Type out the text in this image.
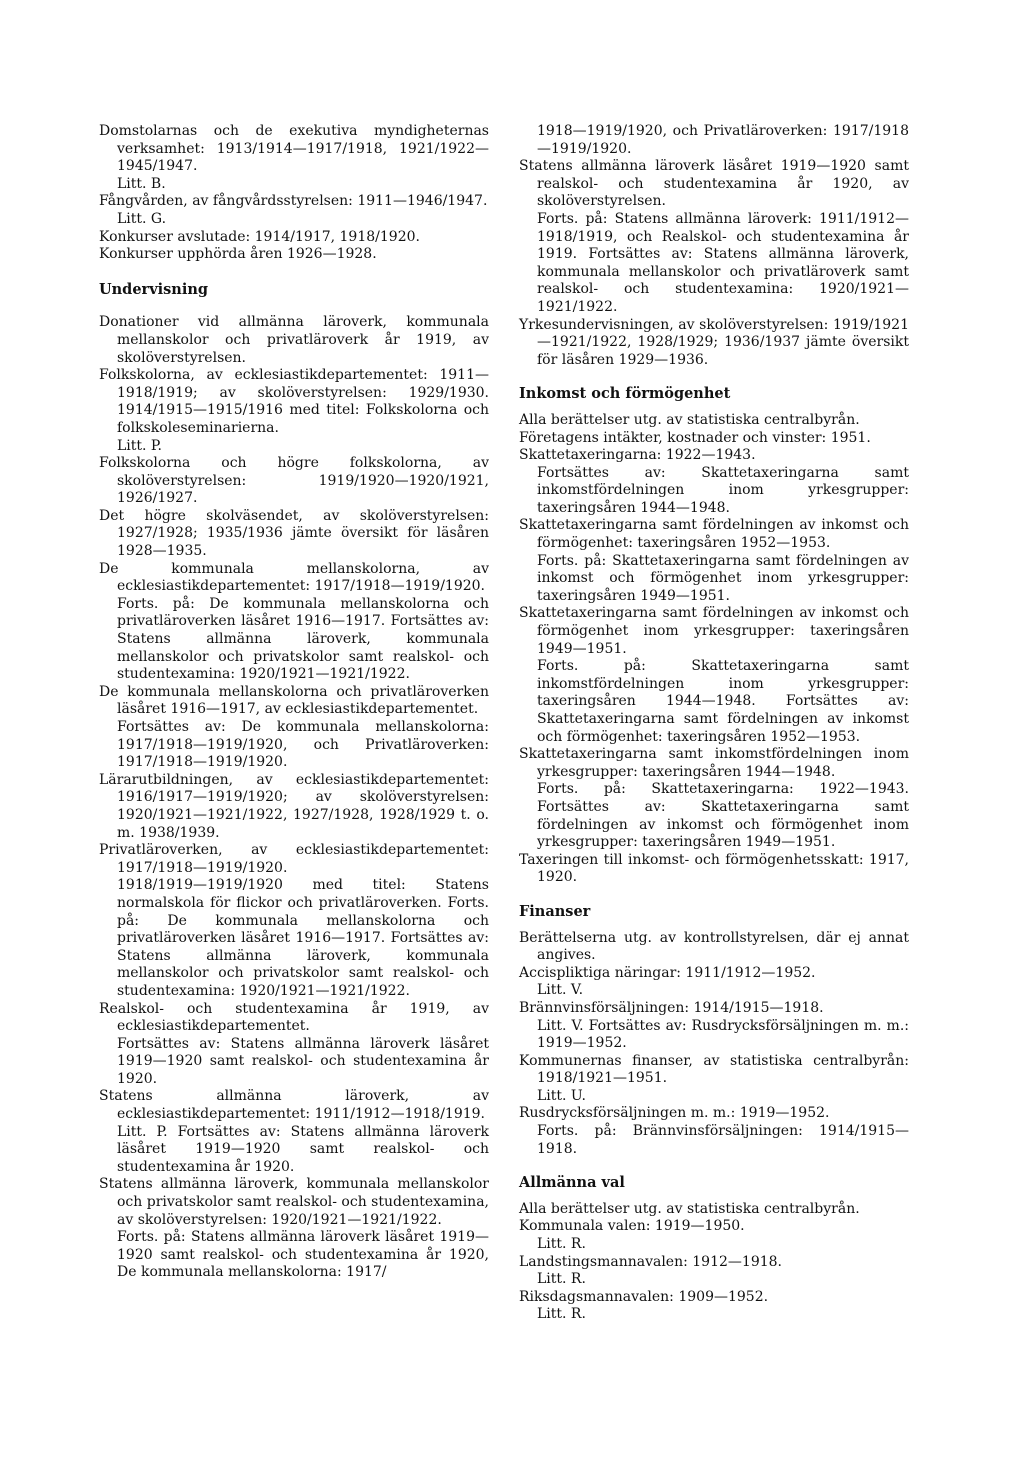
Domstolarnas och de exekutiva myndigheternas verksamhet: 1913/1914—1917/1918, 1921/1922—1945/1947.

Litt. B.

Fångvården, av fångvårdsstyrelsen: 1911—1946/1947.

Litt. G.

Konkurser avslutade: 1914/1917, 1918/1920.

Konkurser upphörda åren 1926—1928.

Undervisning

Donationer vid allmänna läroverk, kommunala mellanskolor och privatläroverk år 1919, av skolöverstyrelsen.

Folkskolorna, av ecklesiastikdepartementet: 1911—1918/1919; av skolöverstyrelsen: 1929/1930. 1914/1915—1915/1916 med titel: Folkskolorna och folkskoleseminarierna.

Litt. P.

Folkskolorna och högre folkskolorna, av skolöverstyrelsen: 1919/1920—1920/1921, 1926/1927.

Det högre skolväsendet, av skolöverstyrelsen: 1927/1928; 1935/1936 jämte översikt för läsåren 1928—1935.

De kommunala mellanskolorna, av ecklesiastikdepartementet: 1917/1918—1919/1920.

Forts. på: De kommunala mellanskolorna och privatläroverken läsåret 1916—1917. Fortsättes av: Statens allmänna läroverk, kommunala mellanskolor och privatskolor samt realskol- och studentexamina: 1920/1921—1921/1922.

De kommunala mellanskolorna och privatläroverken läsåret 1916—1917, av ecklesiastikdepartementet.

Fortsättes av: De kommunala mellanskolorna: 1917/1918—1919/1920, och Privatläroverken: 1917/1918—1919/1920.

Lärarutbildningen, av ecklesiastikdepartementet: 1916/1917—1919/1920; av skolöverstyrelsen: 1920/1921—1921/1922, 1927/1928, 1928/1929 t. o. m. 1938/1939.

Privatläroverken, av ecklesiastikdepartementet: 1917/1918—1919/1920.

1918/1919—1919/1920 med titel: Statens normalskola för flickor och privatläroverken. Forts. på: De kommunala mellanskolorna och privatläroverken läsåret 1916—1917. Fortsättes av: Statens allmänna läroverk, kommunala mellanskolor och privatskolor samt realskol- och studentexamina: 1920/1921—1921/1922.

Realskol- och studentexamina år 1919, av ecklesiastikdepartementet.

Fortsättes av: Statens allmänna läroverk läsåret 1919—1920 samt realskol- och studentexamina år 1920.

Statens allmänna läroverk, av ecklesiastikdepartementet: 1911/1912—1918/1919.

Litt. P. Fortsättes av: Statens allmänna läroverk läsåret 1919—1920 samt realskol- och studentexamina år 1920.

Statens allmänna läroverk, kommunala mellanskolor och privatskolor samt realskol- och studentexamina, av skolöverstyrelsen: 1920/1921—1921/1922.

Forts. på: Statens allmänna läroverk läsåret 1919—1920 samt realskol- och studentexamina år 1920, De kommunala mellanskolorna: 1917/

1918—1919/1920, och Privatläroverken: 1917/1918—1919/1920.

Statens allmänna läroverk läsåret 1919—1920 samt realskol- och studentexamina år 1920, av skolöverstyrelsen.

Forts. på: Statens allmänna läroverk: 1911/1912—1918/1919, och Realskol- och studentexamina år 1919. Fortsättes av: Statens allmänna läroverk, kommunala mellanskolor och privatläroverk samt realskol- och studentexamina: 1920/1921—1921/1922.

Yrkesundervisningen, av skolöverstyrelsen: 1919/1921—1921/1922, 1928/1929; 1936/1937 jämte översikt för läsåren 1929—1936.

Inkomst och förmögenhet

Alla berättelser utg. av statistiska centralbyrån.

Företagens intäkter, kostnader och vinster: 1951.

Skattetaxeringarna: 1922—1943.

Fortsättes av: Skattetaxeringarna samt inkomstfördelningen inom yrkesgrupper: taxeringsåren 1944—1948.

Skattetaxeringarna samt fördelningen av inkomst och förmögenhet: taxeringsåren 1952—1953.

Forts. på: Skattetaxeringarna samt fördelningen av inkomst och förmögenhet inom yrkesgrupper: taxeringsåren 1949—1951.

Skattetaxeringarna samt fördelningen av inkomst och förmögenhet inom yrkesgrupper: taxeringsåren 1949—1951.

Forts. på: Skattetaxeringarna samt inkomstfördelningen inom yrkesgrupper: taxeringsåren 1944—1948. Fortsättes av: Skattetaxeringarna samt fördelningen av inkomst och förmögenhet: taxeringsåren 1952—1953.

Skattetaxeringarna samt inkomstfördelningen inom yrkesgrupper: taxeringsåren 1944—1948.

Forts. på: Skattetaxeringarna: 1922—1943. Fortsättes av: Skattetaxeringarna samt fördelningen av inkomst och förmögenhet inom yrkesgrupper: taxeringsåren 1949—1951.

Taxeringen till inkomst- och förmögenhetsskatt: 1917, 1920.

Finanser

Berättelserna utg. av kontrollstyrelsen, där ej annat angives.

Accispliktiga näringar: 1911/1912—1952.

Litt. V.

Brännvinsförsäljningen: 1914/1915—1918.

Litt. V. Fortsättes av: Rusdrycksförsäljningen m. m.: 1919—1952.

Kommunernas finanser, av statistiska centralbyrån: 1918/1921—1951.

Litt. U.

Rusdrycksförsäljningen m. m.: 1919—1952.

Forts. på: Brännvinsförsäljningen: 1914/1915—1918.

Allmänna val

Alla berättelser utg. av statistiska centralbyrån.

Kommunala valen: 1919—1950.

Litt. R.

Landstingsmannavalen: 1912—1918.

Litt. R.

Riksdagsmannavalen: 1909—1952.

Litt. R.
